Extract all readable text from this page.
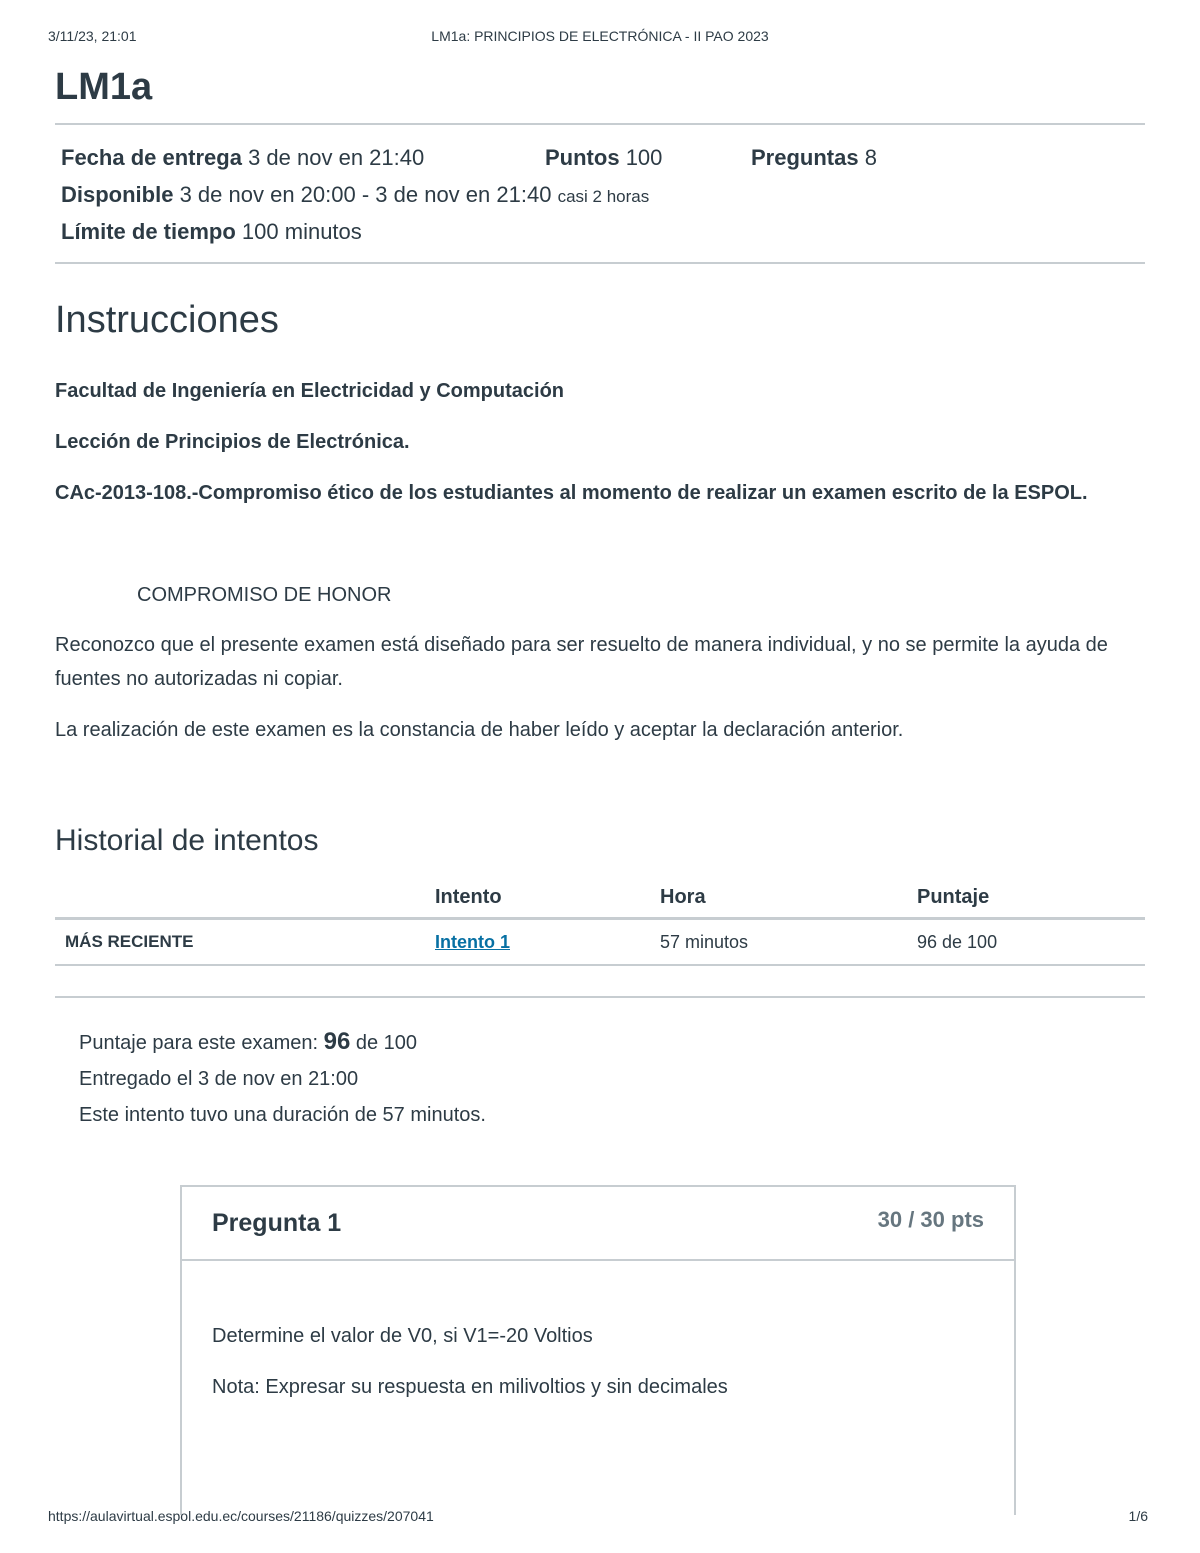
3/11/23, 21:01	LM1a: PRINCIPIOS DE ELECTRÓNICA - II PAO 2023
LM1a
Fecha de entrega 3 de nov en 21:40	Puntos 100	Preguntas 8
Disponible 3 de nov en 20:00 - 3 de nov en 21:40 casi 2 horas
Límite de tiempo 100 minutos
Instrucciones

Facultad de Ingeniería en Electricidad y Computación

Lección de Principios de Electrónica.

CAc-2013-108.-Compromiso ético de los estudiantes al momento de realizar un examen escrito de la ESPOL.

COMPROMISO DE HONOR

Reconozco que el presente examen está diseñado para ser resuelto de manera individual, y no se permite la ayuda de fuentes no autorizadas ni copiar.

La realización de este examen es la constancia de haber leído y aceptar la declaración anterior.

Historial de intentos
	Intento	Hora	Puntaje
MÁS RECIENTE	Intento 1	57 minutos	96 de 100
Puntaje para este examen: 96 de 100
Entregado el 3 de nov en 21:00
Este intento tuvo una duración de 57 minutos.
Pregunta 1	30 / 30 pts

Determine el valor de V0, si V1=-20 Voltios

Nota: Expresar su respuesta en milivoltios y sin decimales

https://aulavirtual.espol.edu.ec/courses/21186/quizzes/207041	1/6
